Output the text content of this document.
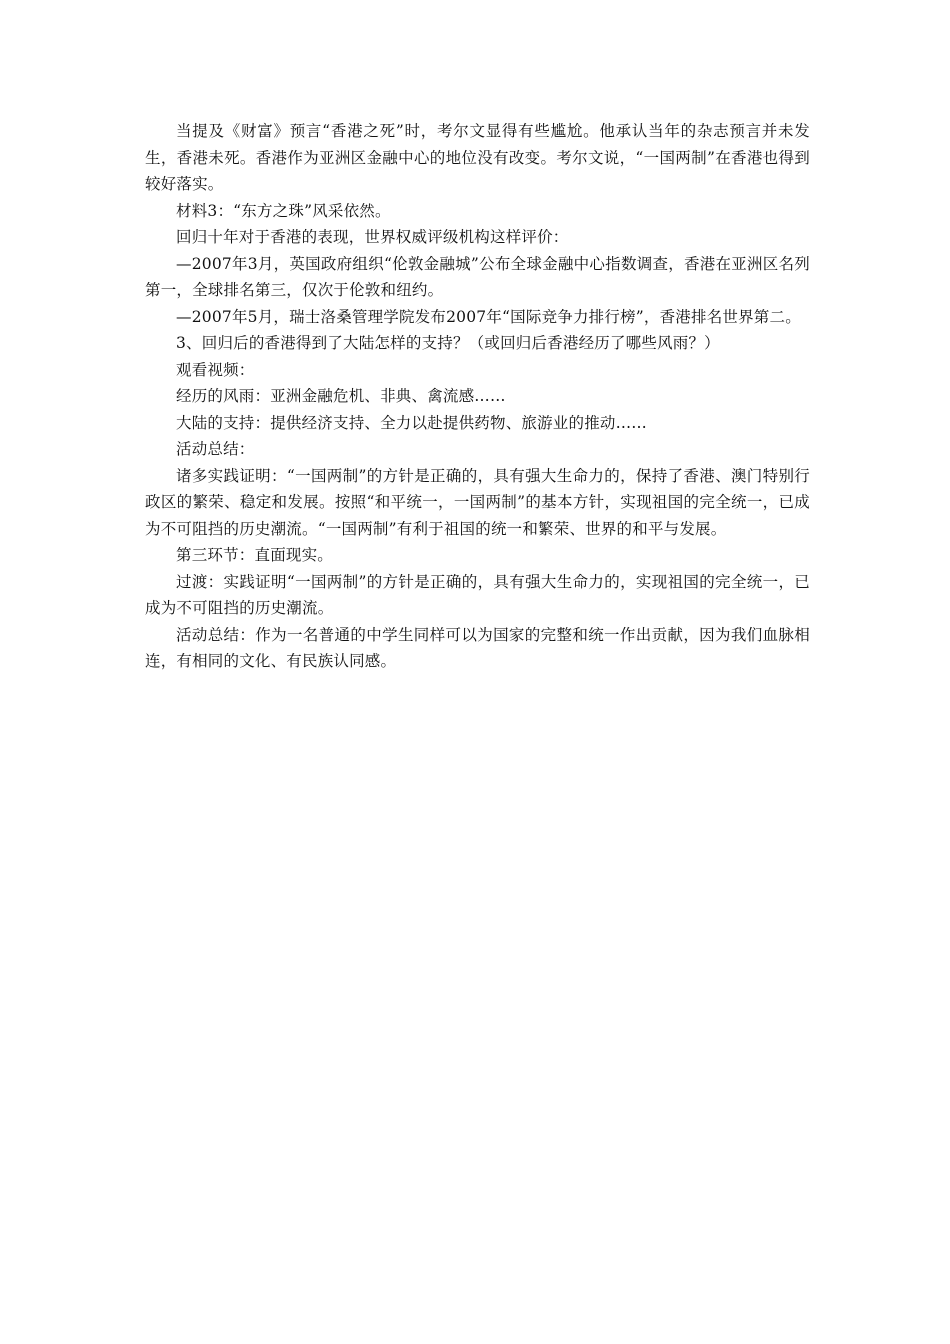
当提及《财富》预言“香港之死”时，考尔文显得有些尴尬。他承认当年的杂志预言并未发生，香港未死。香港作为亚洲区金融中心的地位没有改变。考尔文说，“一国两制”在香港也得到较好落实。

材料3：“东方之珠”风采依然。

回归十年对于香港的表现，世界权威评级机构这样评价：

—2007年3月，英国政府组织“伦敦金融城”公布全球金融中心指数调查，香港在亚洲区名列第一，全球排名第三，仅次于伦敦和纽约。

—2007年5月，瑞士洛桑管理学院发布2007年“国际竞争力排行榜”，香港排名世界第二。

3、回归后的香港得到了大陆怎样的支持？（或回归后香港经历了哪些风雨？）

观看视频：

经历的风雨：亚洲金融危机、非典、禽流感……

大陆的支持：提供经济支持、全力以赴提供药物、旅游业的推动……

活动总结：

诸多实践证明：“一国两制”的方针是正确的，具有强大生命力的，保持了香港、澳门特别行政区的繁荣、稳定和发展。按照“和平统一，一国两制”的基本方针，实现祖国的完全统一，已成为不可阻挡的历史潮流。“一国两制”有利于祖国的统一和繁荣、世界的和平与发展。

第三环节：直面现实。

过渡：实践证明“一国两制”的方针是正确的，具有强大生命力的，实现祖国的完全统一，已成为不可阻挡的历史潮流。

活动总结：作为一名普通的中学生同样可以为国家的完整和统一作出贡献，因为我们血脉相连，有相同的文化、有民族认同感。
